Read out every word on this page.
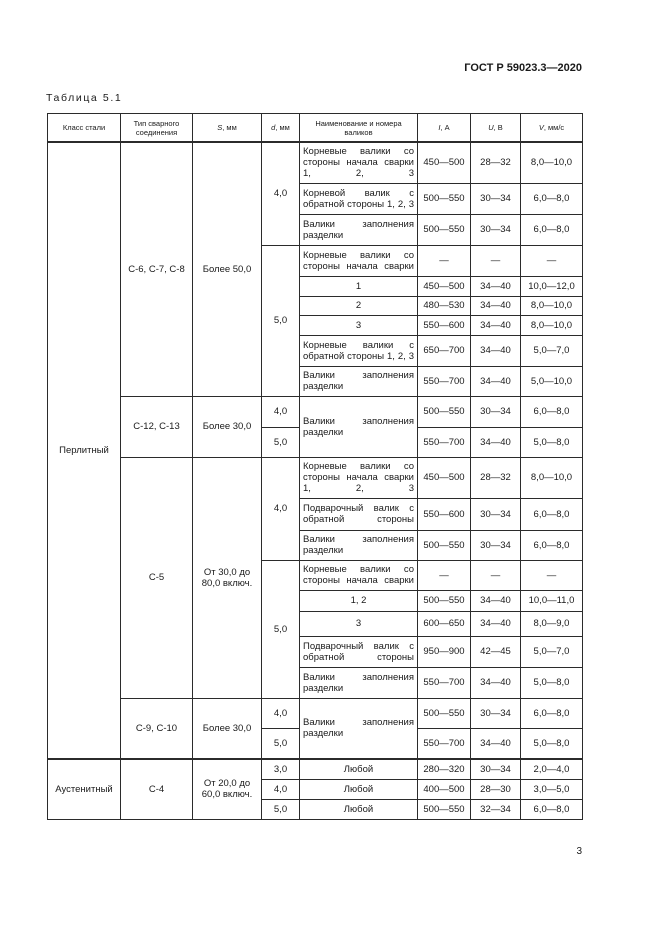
ГОСТ Р 59023.3—2020
Таблица 5.1
Класс стали	Тип сварного соединения	S, мм	d, мм	Наименование и номера валиков	I, А	U, В	V, мм/с
Перлитный	С-6, С-7, С-8	Более 50,0	4,0	Корневые валики со стороны начала сварки 1, 2, 3	450—500	28—32	8,0—10,0
				Корневой валик с обратной стороны 1, 2, 3	500—550	30—34	6,0—8,0
				Валики заполнения разделки	500—550	30—34	6,0—8,0
			5,0	Корневые валики со стороны начала сварки	—	—	—
				1	450—500	34—40	10,0—12,0
				2	480—530	34—40	8,0—10,0
				3	550—600	34—40	8,0—10,0
				Корневые валики с обратной стороны 1, 2, 3	650—700	34—40	5,0—7,0
				Валики заполнения разделки	550—700	34—40	5,0—10,0
	С-12, С-13	Более 30,0	4,0	Валики заполнения разделки	500—550	30—34	6,0—8,0
			5,0		550—700	34—40	5,0—8,0
	С-5	От 30,0 до 80,0 включ.	4,0	Корневые валики со стороны начала сварки 1, 2, 3	450—500	28—32	8,0—10,0
				Подварочный валик с обратной стороны	550—600	30—34	6,0—8,0
				Валики заполнения разделки	500—550	30—34	6,0—8,0
			5,0	Корневые валики со стороны начала сварки	—	—	—
				1, 2	500—550	34—40	10,0—11,0
				3	600—650	34—40	8,0—9,0
				Подварочный валик с обратной стороны	950—900	42—45	5,0—7,0
				Валики заполнения разделки	550—700	34—40	5,0—8,0
	С-9, С-10	Более 30,0	4,0	Валики заполнения разделки	500—550	30—34	6,0—8,0
			5,0		550—700	34—40	5,0—8,0
Аустенитный	С-4	От 20,0 до 60,0 включ.	3,0	Любой	280—320	30—34	2,0—4,0
			4,0	Любой	400—500	28—30	3,0—5,0
			5,0	Любой	500—550	32—34	6,0—8,0
3
